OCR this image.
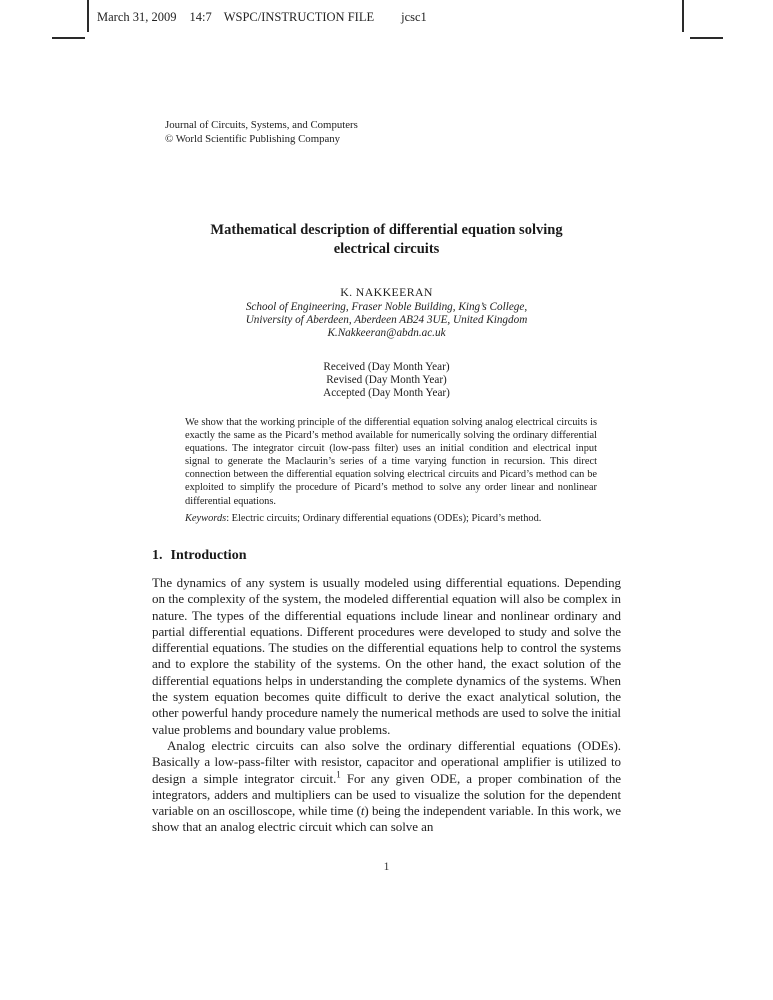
March 31, 2009 14:7 WSPC/INSTRUCTION FILE jcsc1
Journal of Circuits, Systems, and Computers
© World Scientific Publishing Company
Mathematical description of differential equation solving
electrical circuits
K. NAKKEERAN
School of Engineering, Fraser Noble Building, King’s College,
University of Aberdeen, Aberdeen AB24 3UE, United Kingdom
K.Nakkeeran@abdn.ac.uk
Received (Day Month Year)
Revised (Day Month Year)
Accepted (Day Month Year)
We show that the working principle of the differential equation solving analog electrical circuits is exactly the same as the Picard’s method available for numerically solving the ordinary differential equations. The integrator circuit (low-pass filter) uses an initial condition and electrical input signal to generate the Maclaurin’s series of a time varying function in recursion. This direct connection between the differential equation solving electrical circuits and Picard’s method can be exploited to simplify the procedure of Picard’s method to solve any order linear and nonlinear differential equations.
Keywords: Electric circuits; Ordinary differential equations (ODEs); Picard’s method.
1. Introduction

The dynamics of any system is usually modeled using differential equations. Depending on the complexity of the system, the modeled differential equation will also be complex in nature. The types of the differential equations include linear and nonlinear ordinary and partial differential equations. Different procedures were developed to study and solve the differential equations. The studies on the differential equations help to control the systems and to explore the stability of the systems. On the other hand, the exact solution of the differential equations helps in understanding the complete dynamics of the systems. When the system equation becomes quite difficult to derive the exact analytical solution, the other powerful handy procedure namely the numerical methods are used to solve the initial value problems and boundary value problems.

Analog electric circuits can also solve the ordinary differential equations (ODEs). Basically a low-pass-filter with resistor, capacitor and operational amplifier is utilized to design a simple integrator circuit.$^1$ For any given ODE, a proper combination of the integrators, adders and multipliers can be used to visualize the solution for the dependent variable on an oscilloscope, while time (t) being the independent variable. In this work, we show that an analog electric circuit which can solve an

1
